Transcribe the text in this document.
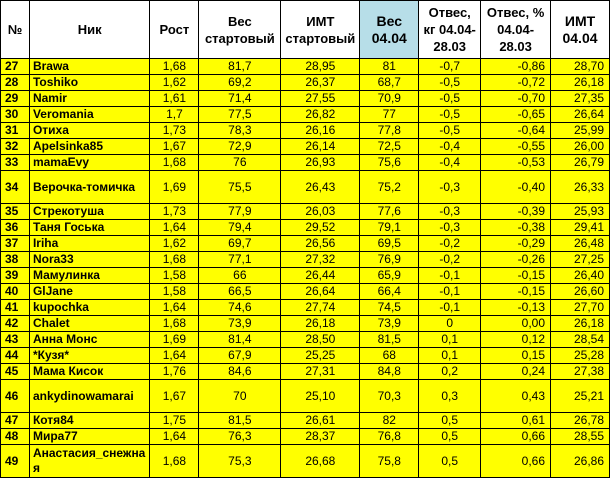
№	Ник	Рост	Вес стартовый	ИМТ стартовый	Вес 04.04	Отвес, кг 04.04-28.03	Отвес, % 04.04-28.03	ИМТ 04.04
27	Brawa	1,68	81,7	28,95	81	-0,7	-0,86	28,70
28	Toshiko	1,62	69,2	26,37	68,7	-0,5	-0,72	26,18
29	Namir	1,61	71,4	27,55	70,9	-0,5	-0,70	27,35
30	Veromania	1,7	77,5	26,82	77	-0,5	-0,65	26,64
31	Отиха	1,73	78,3	26,16	77,8	-0,5	-0,64	25,99
32	Apelsinka85	1,67	72,9	26,14	72,5	-0,4	-0,55	26,00
33	mamaEvy	1,68	76	26,93	75,6	-0,4	-0,53	26,79
34	Верочка-томичка	1,69	75,5	26,43	75,2	-0,3	-0,40	26,33
35	Стрекотуша	1,73	77,9	26,03	77,6	-0,3	-0,39	25,93
36	Таня Госька	1,64	79,4	29,52	79,1	-0,3	-0,38	29,41
37	Iriha	1,62	69,7	26,56	69,5	-0,2	-0,29	26,48
38	Nora33	1,68	77,1	27,32	76,9	-0,2	-0,26	27,25
39	Мамулинка	1,58	66	26,44	65,9	-0,1	-0,15	26,40
40	GlJane	1,58	66,5	26,64	66,4	-0,1	-0,15	26,60
41	kupochka	1,64	74,6	27,74	74,5	-0,1	-0,13	27,70
42	Chalet	1,68	73,9	26,18	73,9	0	0,00	26,18
43	Анна Монс	1,69	81,4	28,50	81,5	0,1	0,12	28,54
44	*Кузя*	1,64	67,9	25,25	68	0,1	0,15	25,28
45	Мама Кисок	1,76	84,6	27,31	84,8	0,2	0,24	27,38
46	ankydinowamarai	1,67	70	25,10	70,3	0,3	0,43	25,21
47	Котя84	1,75	81,5	26,61	82	0,5	0,61	26,78
48	Мира77	1,64	76,3	28,37	76,8	0,5	0,66	28,55
49	Анастасия_снежная	1,68	75,3	26,68	75,8	0,5	0,66	26,86
